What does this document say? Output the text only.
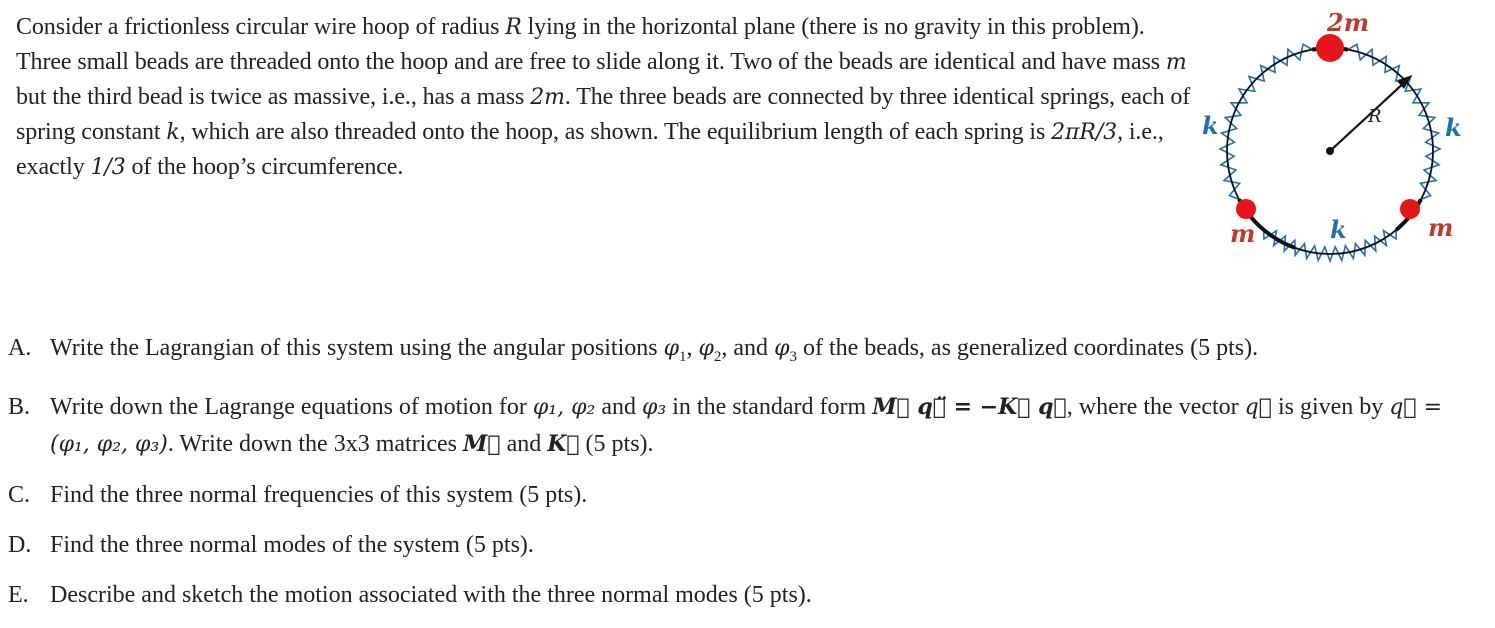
Consider a frictionless circular wire hoop of radius R lying in the horizontal plane (there is no gravity in this problem). Three small beads are threaded onto the hoop and are free to slide along it. Two of the beads are identical and have mass m but the third bead is twice as massive, i.e., has a mass 2m. The three beads are connected by three identical springs, each of spring constant k, which are also threaded onto the hoop, as shown. The equilibrium length of each spring is 2πR/3, i.e., exactly 1/3 of the hoop’s circumference.
2m
k	k
k
m	m
R
A. Write the Lagrangian of this system using the angular positions $\varphi_1$, $\varphi_2$, and $\varphi_3$ of the beads, as generalized coordinates (5 pts).
B. Write down the Lagrange equations of motion for φ₁, φ₂ and φ₃ in the standard form M⃡ q⃗̈ = −K⃡ q⃗, where the vector q⃗ is given by q⃗ = (φ₁, φ₂, φ₃). Write down the 3x3 matrices M⃡ and K⃡ (5 pts).
C. Find the three normal frequencies of this system (5 pts).
D. Find the three normal modes of the system (5 pts).
E. Describe and sketch the motion associated with the three normal modes (5 pts).
